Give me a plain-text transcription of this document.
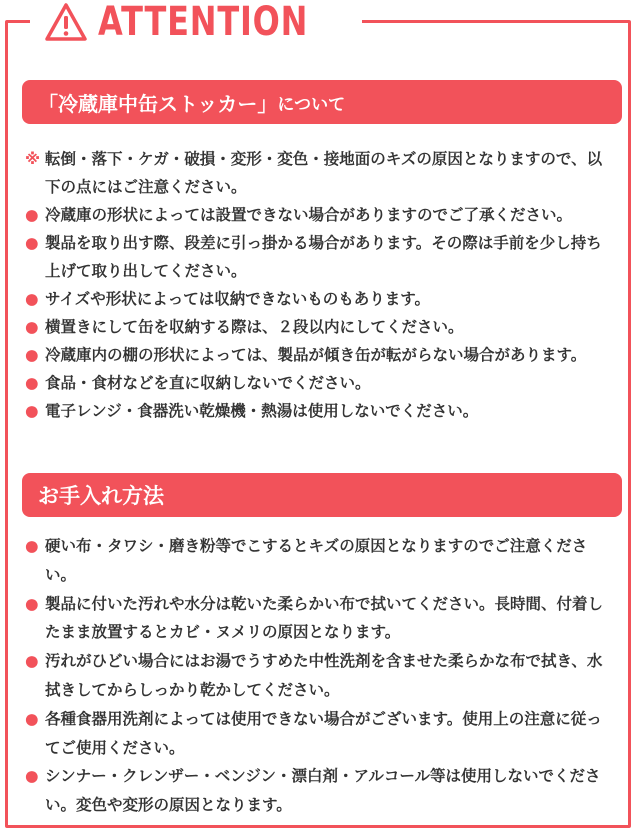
ATTENTION
「冷蔵庫中缶ストッカー」 について
※ 転倒・落下・ケガ・破損・変形・変色・接地面のキズの原因となりますので、以下の点にはご注意ください。
● 冷蔵庫の形状によっては設置できない場合がありますのでご了承ください。
● 製品を取り出す際、段差に引っ掛かる場合があります。その際は手前を少し持ち上げて取り出してください。
● サイズや形状によっては収納できないものもあります。
● 横置きにして缶を収納する際は、２段以内にしてください。
● 冷蔵庫内の棚の形状によっては、製品が傾き缶が転がらない場合があります。
● 食品・食材などを直に収納しないでください。
● 電子レンジ・食器洗い乾燥機・熱湯は使用しないでください。
お手入れ方法
● 硬い布・タワシ・磨き粉等でこするとキズの原因となりますのでご注意ください。
● 製品に付いた汚れや水分は乾いた柔らかい布で拭いてください。長時間、付着したまま放置するとカビ・ヌメリの原因となります。
● 汚れがひどい場合にはお湯でうすめた中性洗剤を含ませた柔らかな布で拭き、水拭きしてからしっかり乾かしてください。
● 各種食器用洗剤によっては使用できない場合がございます。使用上の注意に従ってご使用ください。
● シンナー・クレンザー・ベンジン・漂白剤・アルコール等は使用しないでください。変色や変形の原因となります。
